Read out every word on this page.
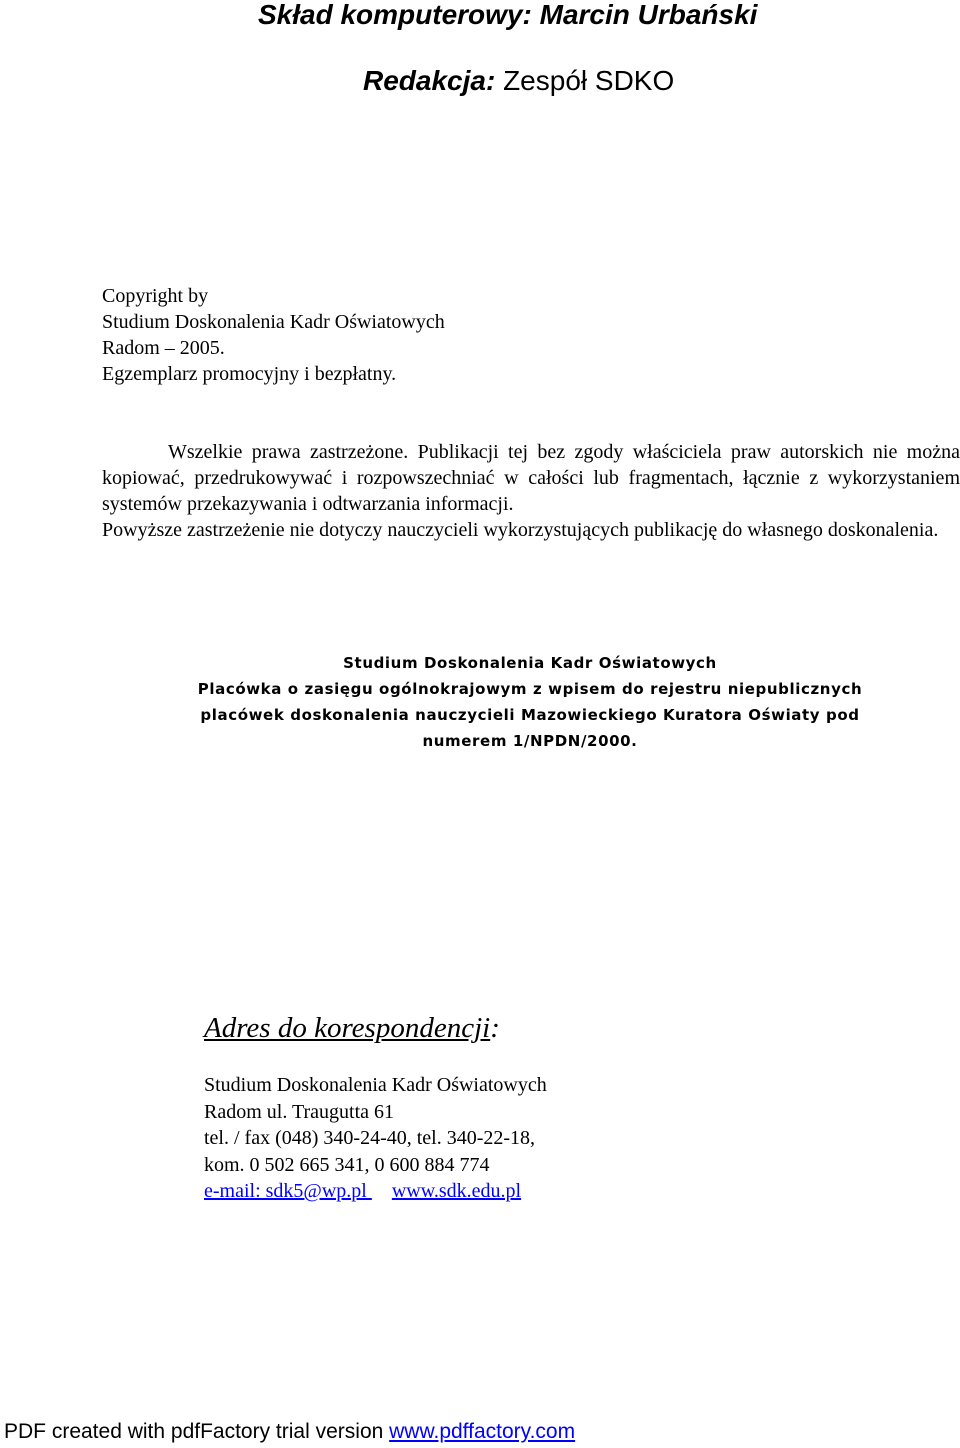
Skład komputerowy: Marcin Urbański
Redakcja: Zespół SDKO
Copyright by
Studium Doskonalenia Kadr Oświatowych
Radom – 2005.
Egzemplarz promocyjny i bezpłatny.

Wszelkie prawa zastrzeżone. Publikacji tej bez zgody właściciela praw autorskich nie można kopiować, przedrukowywać i rozpowszechniać w całości lub fragmentach, łącznie z wykorzystaniem systemów przekazywania i odtwarzania informacji.

Powyższe zastrzeżenie nie dotyczy nauczycieli wykorzystujących publikację do własnego doskonalenia.

Studium Doskonalenia Kadr Oświatowych
Placówka o zasięgu ogólnokrajowym z wpisem do rejestru niepublicznych
placówek doskonalenia nauczycieli Mazowieckiego Kuratora Oświaty pod
numerem 1/NPDN/2000.
Adres do korespondencji:
Studium Doskonalenia Kadr Oświatowych
Radom ul. Traugutta 61
tel. / fax (048) 340-24-40, tel. 340-22-18,
kom. 0 502 665 341, 0 600 884 774
e-mail: sdk5@wp.pl     www.sdk.edu.pl
PDF created with pdfFactory trial version www.pdffactory.com
